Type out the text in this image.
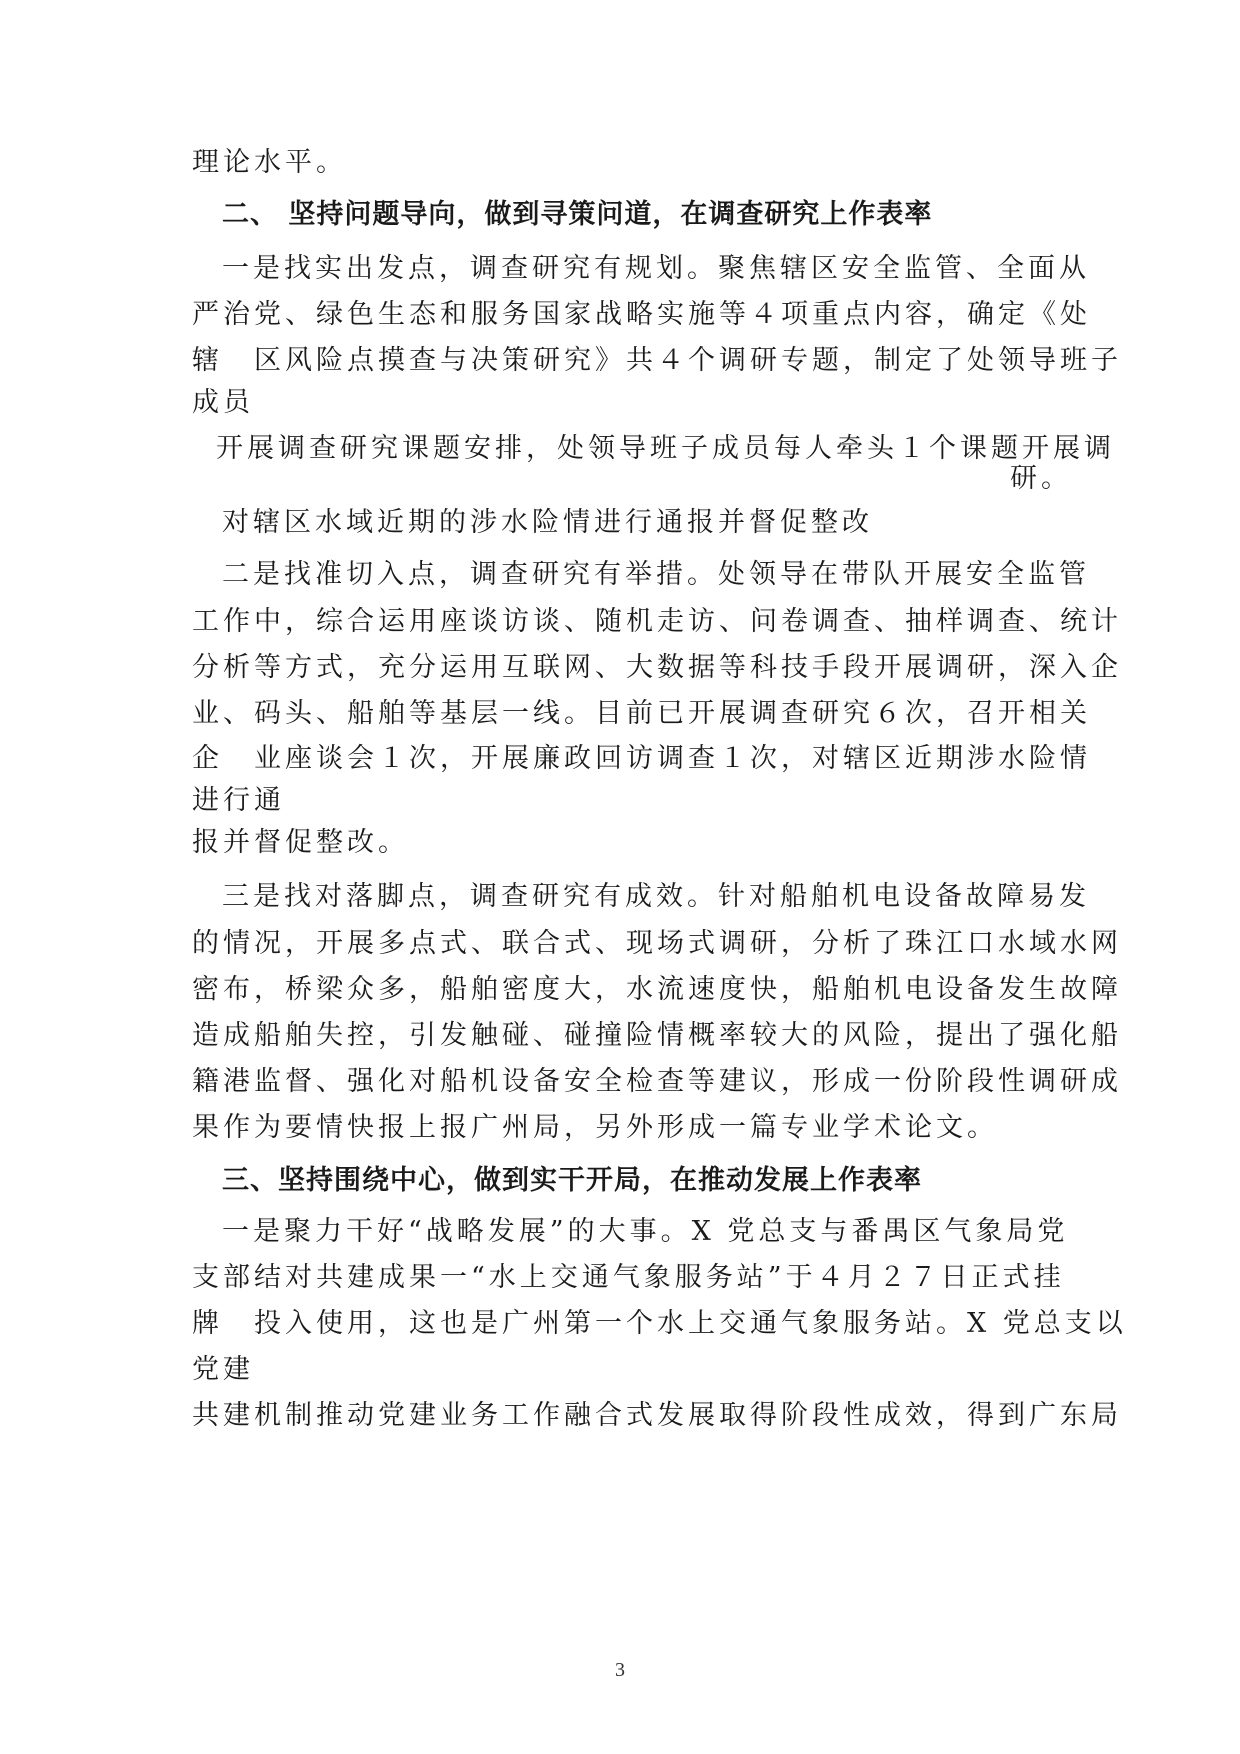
理论水平。
二、 坚持问题导向，做到寻策问道，在调查研究上作表率
一是找实出发点，调查研究有规划。聚焦辖区安全监管、全面从
严治党、绿色生态和服务国家战略实施等４项重点内容，确定《处
辖　区风险点摸查与决策研究》共４个调研专题，制定了处领导班子
成员
开展调查研究课题安排，处领导班子成员每人牵头１个课题开展调
研。
对辖区水域近期的涉水险情进行通报并督促整改
二是找准切入点，调查研究有举措。处领导在带队开展安全监管
工作中，综合运用座谈访谈、随机走访、问卷调查、抽样调查、统计
分析等方式，充分运用互联网、大数据等科技手段开展调研，深入企
业、码头、船舶等基层一线。目前已开展调查研究６次，召开相关
企　业座谈会１次，开展廉政回访调查１次，对辖区近期涉水险情
进行通
报并督促整改。
三是找对落脚点，调查研究有成效。针对船舶机电设备故障易发
的情况，开展多点式、联合式、现场式调研，分析了珠江口水域水网
密布，桥梁众多，船舶密度大，水流速度快，船舶机电设备发生故障
造成船舶失控，引发触碰、碰撞险情概率较大的风险，提出了强化船
籍港监督、强化对船机设备安全检查等建议，形成一份阶段性调研成
果作为要情快报上报广州局，另外形成一篇专业学术论文。
三、坚持围绕中心，做到实干开局，在推动发展上作表率
一是聚力干好“战略发展”的大事。X 党总支与番禺区气象局党
支部结对共建成果一“水上交通气象服务站”于４月２７日正式挂
牌　投入使用，这也是广州第一个水上交通气象服务站。X 党总支以
党建
共建机制推动党建业务工作融合式发展取得阶段性成效，得到广东局
3
